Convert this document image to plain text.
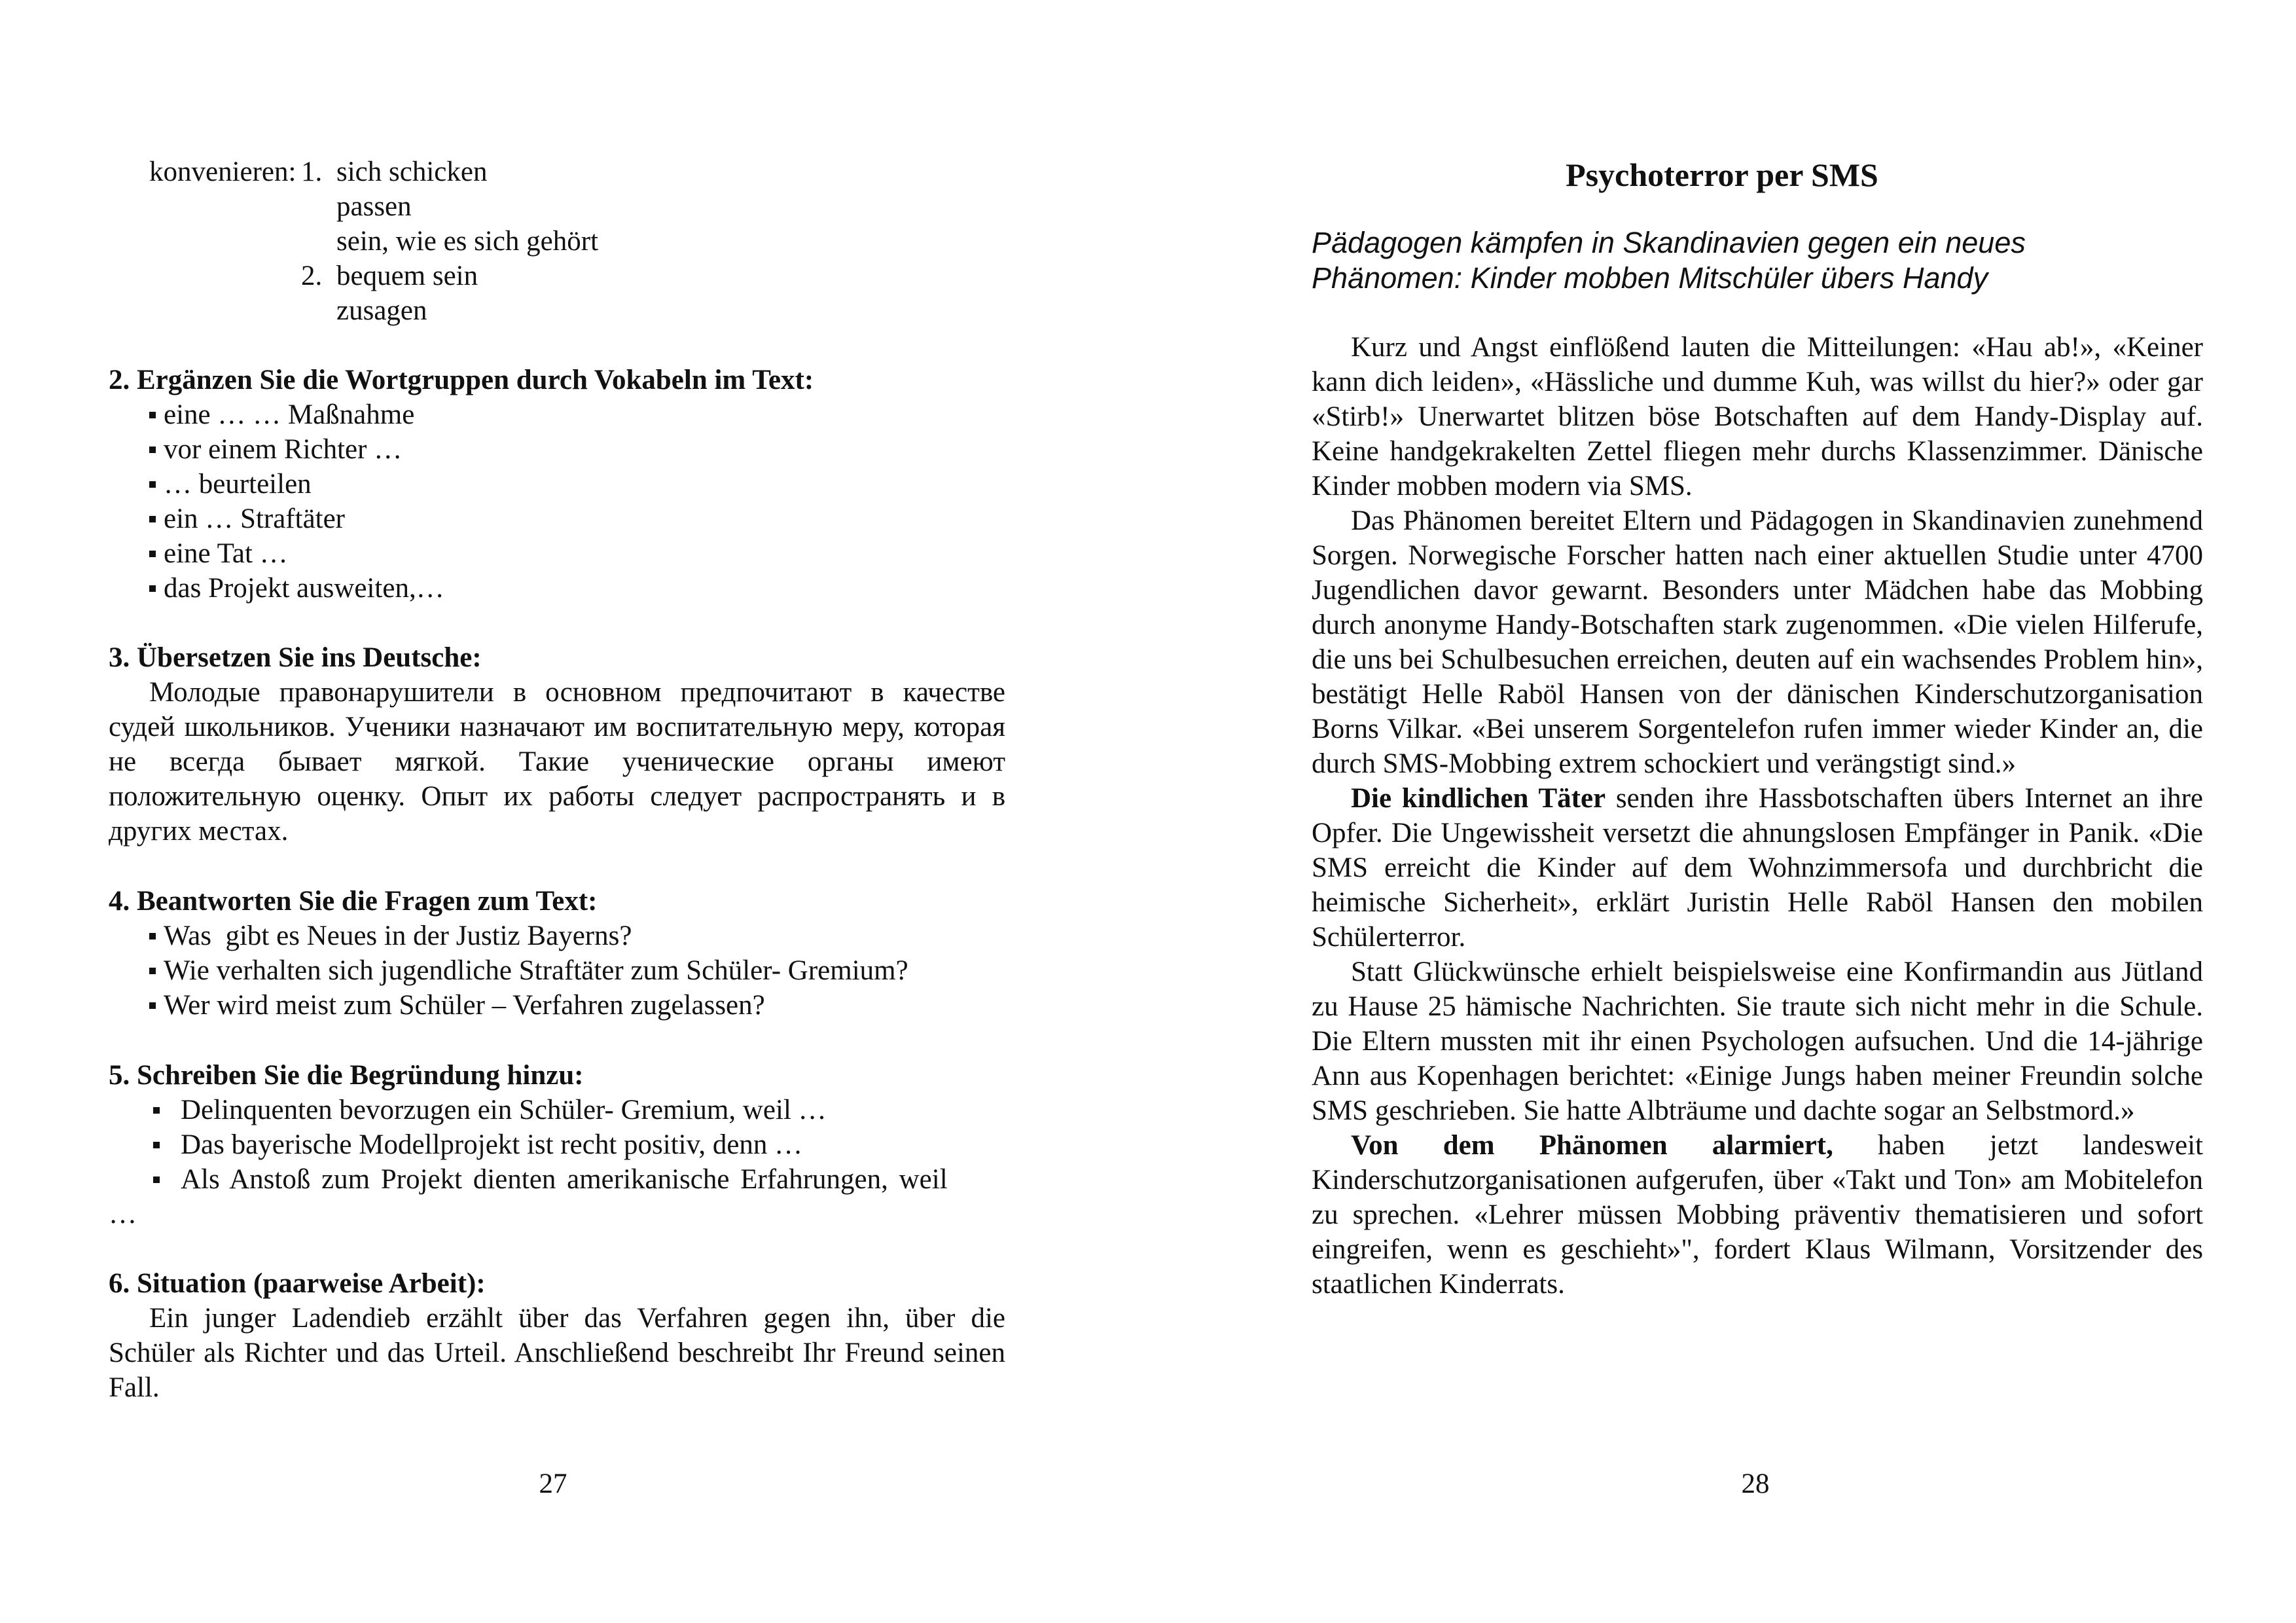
konvenieren: 1. sich schicken
passen
sein, wie es sich gehört
2. bequem sein
zusagen
2. Ergänzen Sie die Wortgruppen durch Vokabeln im Text:
eine … … Maßnahme
vor einem Richter …
… beurteilen
ein … Straftäter
eine Tat …
das Projekt ausweiten,…
3. Übersetzen Sie ins Deutsche:

Молодые правонарушители в основном предпочитают в качестве судей школьников. Ученики назначают им воспитательную меру, которая не всегда бывает мягкой. Такие ученические органы имеют положительную оценку. Опыт их работы следует распространять и в других местах.

4. Beantworten Sie die Fragen zum Text:
Was  gibt es Neues in der Justiz Bayerns?
Wie verhalten sich jugendliche Straftäter zum Schüler- Gremium?
Wer wird meist zum Schüler – Verfahren zugelassen?
5. Schreiben Sie die Begründung hinzu:
Delinquenten bevorzugen ein Schüler- Gremium, weil …
Das bayerische Modellprojekt ist recht positiv, denn …
Als Anstoß zum Projekt dienten amerikanische Erfahrungen, weil
…
6. Situation (paarweise Arbeit):

Ein junger Ladendieb erzählt über das Verfahren gegen ihn, über die Schüler als Richter und das Urteil. Anschließend beschreibt Ihr Freund seinen Fall.

27
Psychoterror per SMS
Pädagogen kämpfen in Skandinavien gegen ein neues Phänomen: Kinder mobben Mitschüler übers Handy

Kurz und Angst einflößend lauten die Mitteilungen: «Hau ab!», «Keiner kann dich leiden», «Hässliche und dumme Kuh, was willst du hier?» oder gar «Stirb!» Unerwartet blitzen böse Botschaften auf dem Handy-Display auf. Keine handgekrakelten Zettel fliegen mehr durchs Klassenzimmer. Dänische Kinder mobben modern via SMS.

Das Phänomen bereitet Eltern und Pädagogen in Skandinavien zunehmend Sorgen. Norwegische Forscher hatten nach einer aktuellen Studie unter 4700 Jugendlichen davor gewarnt. Besonders unter Mädchen habe das Mobbing durch anonyme Handy-Botschaften stark zugenommen. «Die vielen Hilferufe, die uns bei Schulbesuchen erreichen, deuten auf ein wachsendes Problem hin», bestätigt Helle Raböl Hansen von der dänischen Kinderschutzorganisation Borns Vilkar. «Bei unserem Sorgentelefon rufen immer wieder Kinder an, die durch SMS-Mobbing extrem schockiert und verängstigt sind.»

Die kindlichen Täter senden ihre Hassbotschaften übers Internet an ihre Opfer. Die Ungewissheit versetzt die ahnungslosen Empfänger in Panik. «Die SMS erreicht die Kinder auf dem Wohnzimmersofa und durchbricht die heimische Sicherheit», erklärt Juristin Helle Raböl Hansen den mobilen Schülerterror.

Statt Glückwünsche erhielt beispielsweise eine Konfirmandin aus Jütland zu Hause 25 hämische Nachrichten. Sie traute sich nicht mehr in die Schule. Die Eltern mussten mit ihr einen Psychologen aufsuchen. Und die 14-jährige Ann aus Kopenhagen berichtet: «Einige Jungs haben meiner Freundin solche SMS geschrieben. Sie hatte Albträume und dachte sogar an Selbstmord.»

Von dem Phänomen alarmiert, haben jetzt landesweit Kinderschutzorganisationen aufgerufen, über «Takt und Ton» am Mobitelefon zu sprechen. «Lehrer müssen Mobbing präventiv thematisieren und sofort eingreifen, wenn es geschieht»", fordert Klaus Wilmann, Vorsitzender des staatlichen Kinderrats.

28
